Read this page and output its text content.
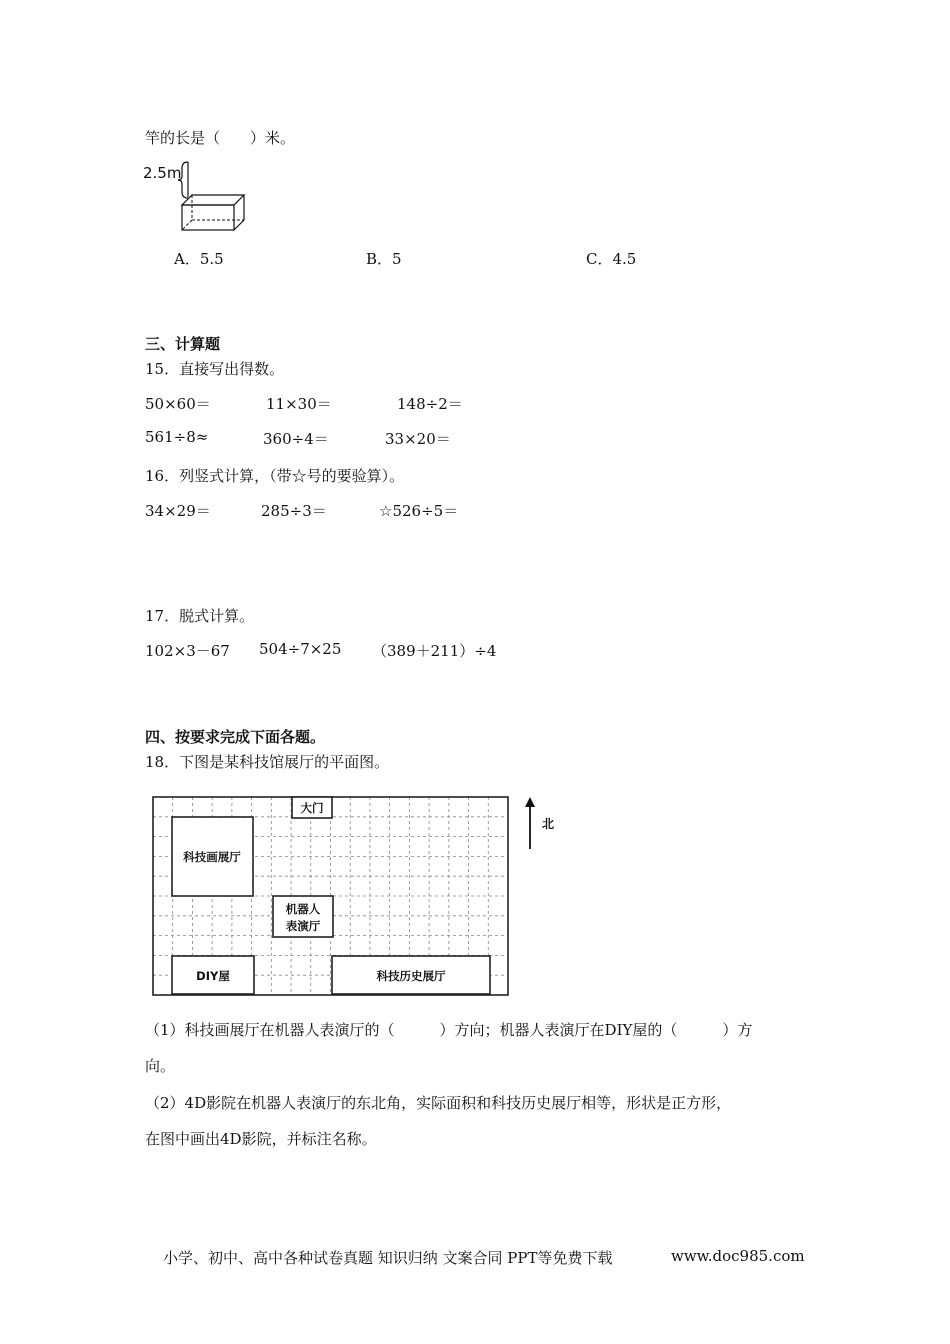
竿的长是（　　）米。
2.5m
A．5.5	B．5	C．4.5
三、计算题
15．直接写出得数。
50×60＝	11×30＝	148÷2＝
561÷8≈	360÷4＝	33×20＝
16．列竖式计算，（带☆号的要验算）。
34×29＝	285÷3＝	☆526÷5＝
17．脱式计算。
102×3－67 504÷7×25 （389＋211）÷4
四、按要求完成下面各题。
18．下图是某科技馆展厅的平面图。
大门
科技画展厅
机器人
表演厅
DIY屋	科技历史展厅
北
（1）科技画展厅在机器人表演厅的（　　　）方向；机器人表演厅在DIY屋的（　　　）方
向。
（2）4D影院在机器人表演厅的东北角，实际面积和科技历史展厅相等，形状是正方形，
在图中画出4D影院，并标注名称。
小学、初中、高中各种试卷真题 知识归纳 文案合同 PPT等免费下载	www.doc985.com
